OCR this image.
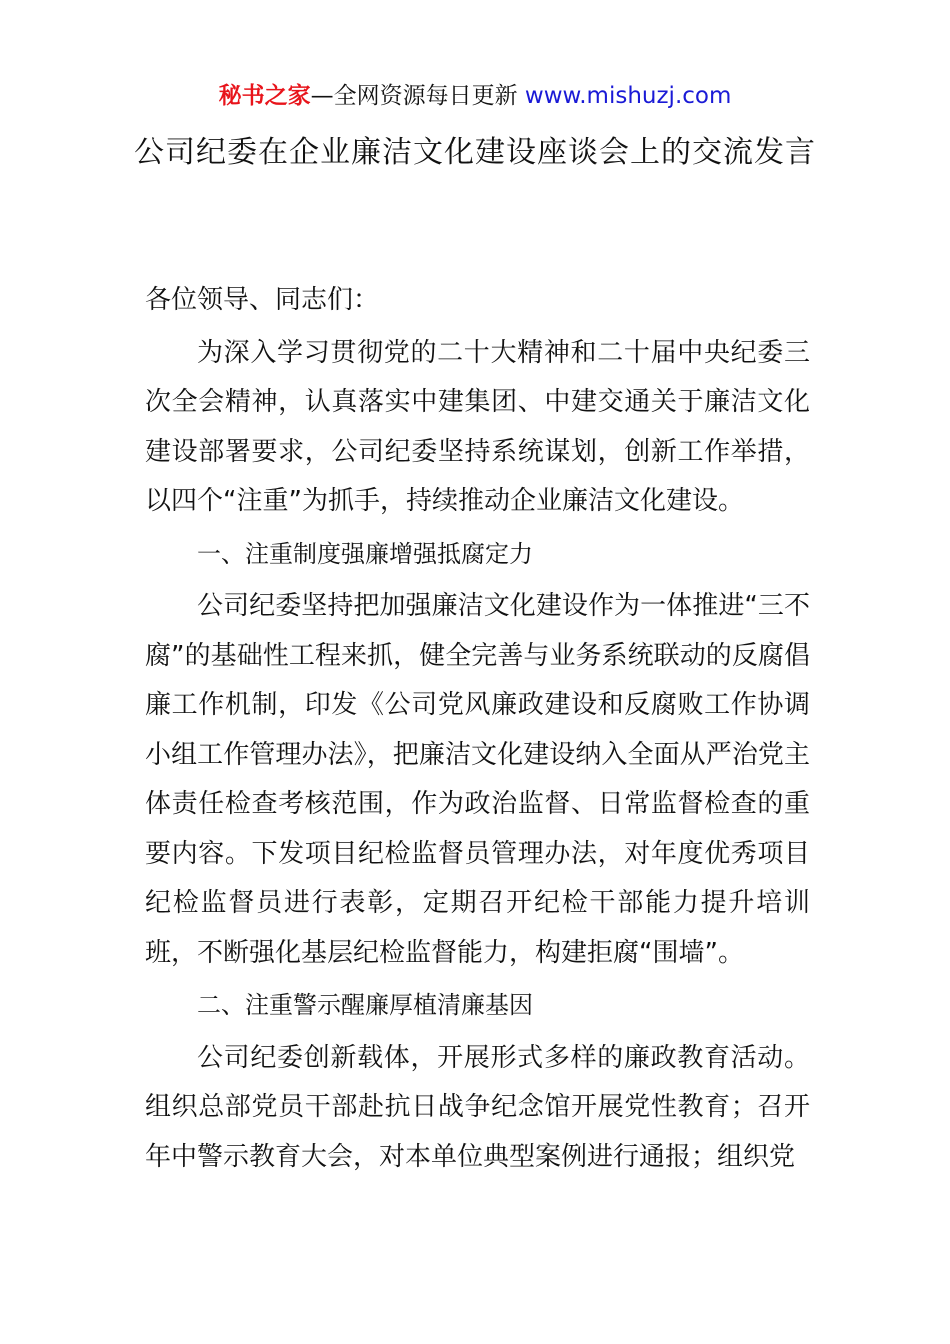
秘书之家—全网资源每日更新 www.mishuzj.com
公司纪委在企业廉洁文化建设座谈会上的交流发言

各位领导、同志们：

为深入学习贯彻党的二十大精神和二十届中央纪委三次全会精神，认真落实中建集团、中建交通关于廉洁文化建设部署要求，公司纪委坚持系统谋划，创新工作举措，以四个“注重”为抓手，持续推动企业廉洁文化建设。

一、注重制度强廉增强抵腐定力

公司纪委坚持把加强廉洁文化建设作为一体推进“三不腐”的基础性工程来抓，健全完善与业务系统联动的反腐倡廉工作机制，印发《公司党风廉政建设和反腐败工作协调小组工作管理办法》，把廉洁文化建设纳入全面从严治党主体责任检查考核范围，作为政治监督、日常监督检查的重要内容。下发项目纪检监督员管理办法，对年度优秀项目纪检监督员进行表彰，定期召开纪检干部能力提升培训班，不断强化基层纪检监督能力，构建拒腐“围墙”。

二、注重警示醒廉厚植清廉基因

公司纪委创新载体，开展形式多样的廉政教育活动。组织总部党员干部赴抗日战争纪念馆开展党性教育；召开年中警示教育大会，对本单位典型案例进行通报；组织党
